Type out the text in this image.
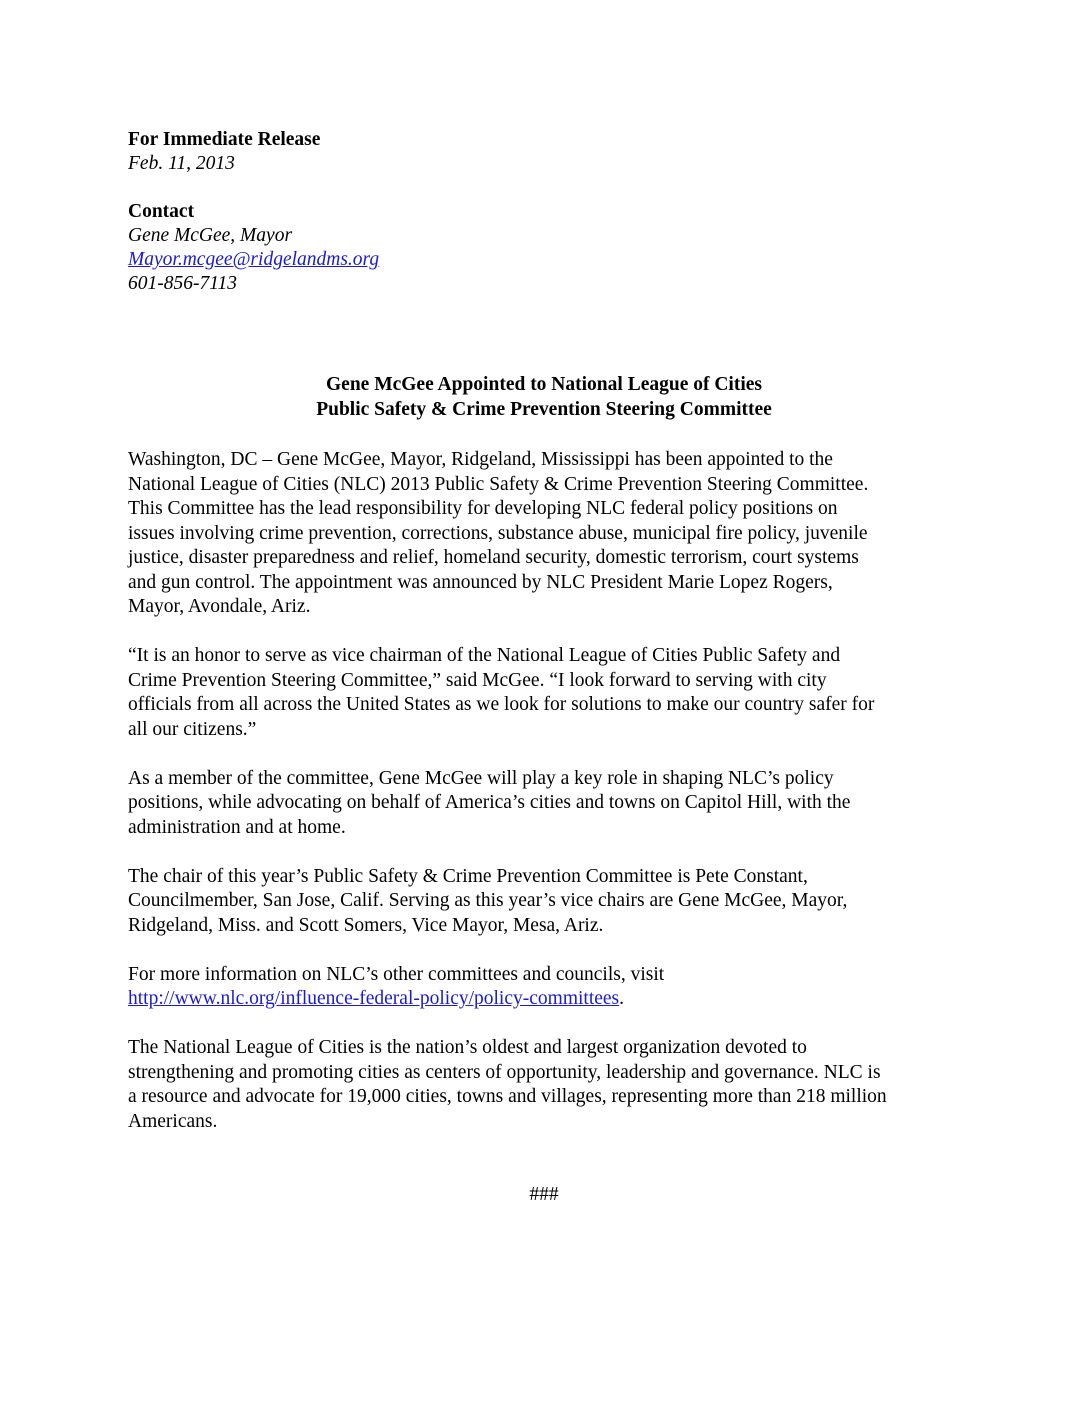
For Immediate Release
Feb. 11, 2013
Contact
Gene McGee, Mayor
Mayor.mcgee@ridgelandms.org
601-856-7113
Gene McGee Appointed to National League of Cities
Public Safety & Crime Prevention Steering Committee

Washington, DC – Gene McGee, Mayor, Ridgeland, Mississippi has been appointed to the
National League of Cities (NLC) 2013 Public Safety & Crime Prevention Steering Committee.
This Committee has the lead responsibility for developing NLC federal policy positions on
issues involving crime prevention, corrections, substance abuse, municipal fire policy, juvenile
justice, disaster preparedness and relief, homeland security, domestic terrorism, court systems
and gun control. The appointment was announced by NLC President Marie Lopez Rogers,
Mayor, Avondale, Ariz.

“It is an honor to serve as vice chairman of the National League of Cities Public Safety and
Crime Prevention Steering Committee,” said McGee. “I look forward to serving with city
officials from all across the United States as we look for solutions to make our country safer for
all our citizens.”

As a member of the committee, Gene McGee will play a key role in shaping NLC’s policy
positions, while advocating on behalf of America’s cities and towns on Capitol Hill, with the
administration and at home.

The chair of this year’s Public Safety & Crime Prevention Committee is Pete Constant,
Councilmember, San Jose, Calif. Serving as this year’s vice chairs are Gene McGee, Mayor,
Ridgeland, Miss. and Scott Somers, Vice Mayor, Mesa, Ariz.

For more information on NLC’s other committees and councils, visit
http://www.nlc.org/influence-federal-policy/policy-committees.

The National League of Cities is the nation’s oldest and largest organization devoted to
strengthening and promoting cities as centers of opportunity, leadership and governance. NLC is
a resource and advocate for 19,000 cities, towns and villages, representing more than 218 million
Americans.

###
